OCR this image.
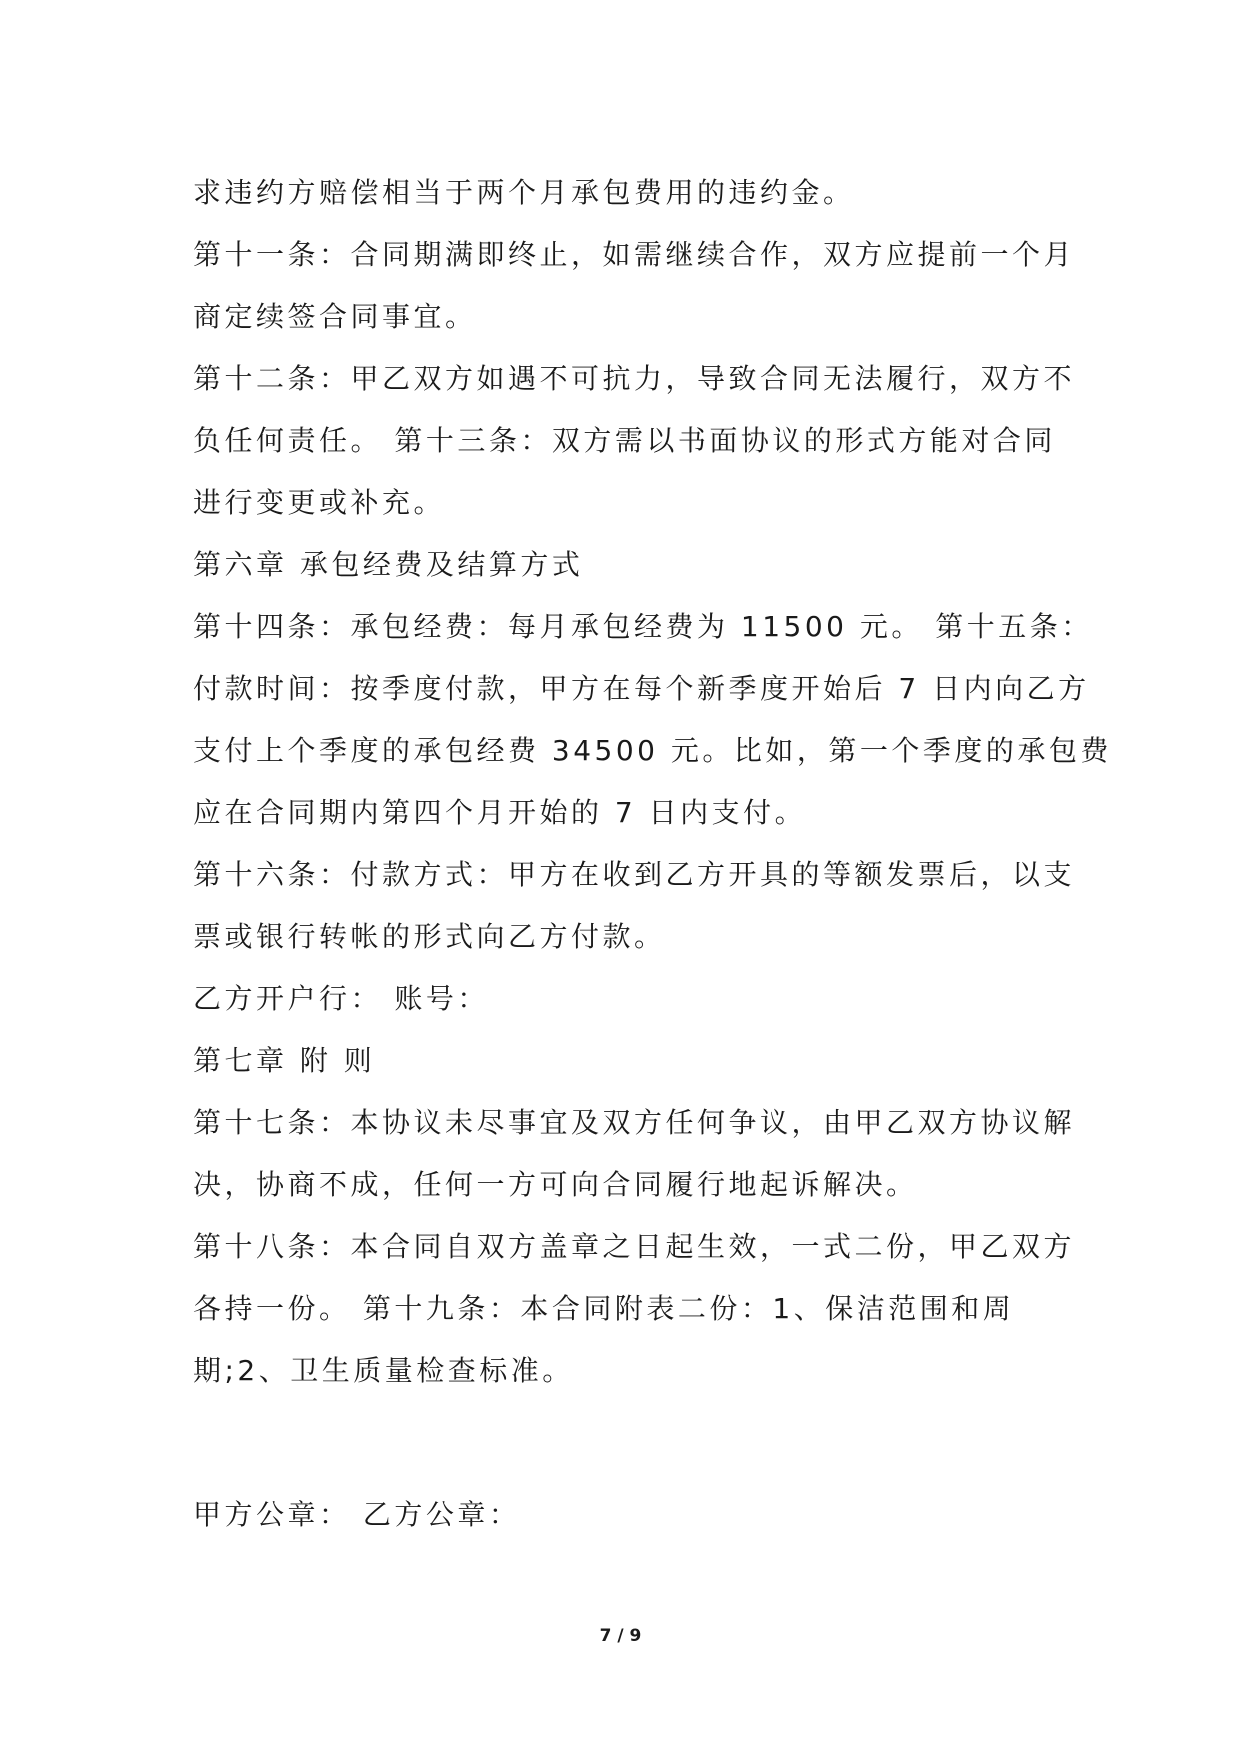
求违约方赔偿相当于两个月承包费用的违约金。
第十一条：合同期满即终止，如需继续合作，双方应提前一个月
商定续签合同事宜。
第十二条：甲乙双方如遇不可抗力，导致合同无法履行，双方不
负任何责任。 第十三条：双方需以书面协议的形式方能对合同
进行变更或补充。
第六章 承包经费及结算方式
第十四条：承包经费：每月承包经费为 11500 元。 第十五条：
付款时间：按季度付款，甲方在每个新季度开始后 7 日内向乙方
支付上个季度的承包经费 34500 元。比如，第一个季度的承包费
应在合同期内第四个月开始的 7 日内支付。
第十六条：付款方式：甲方在收到乙方开具的等额发票后，以支
票或银行转帐的形式向乙方付款。
乙方开户行： 账号：
第七章 附 则
第十七条：本协议未尽事宜及双方任何争议，由甲乙双方协议解
决，协商不成，任何一方可向合同履行地起诉解决。
第十八条：本合同自双方盖章之日起生效，一式二份，甲乙双方
各持一份。 第十九条：本合同附表二份：1、保洁范围和周
期;2、卫生质量检查标准。
甲方公章： 乙方公章：
7 / 9
